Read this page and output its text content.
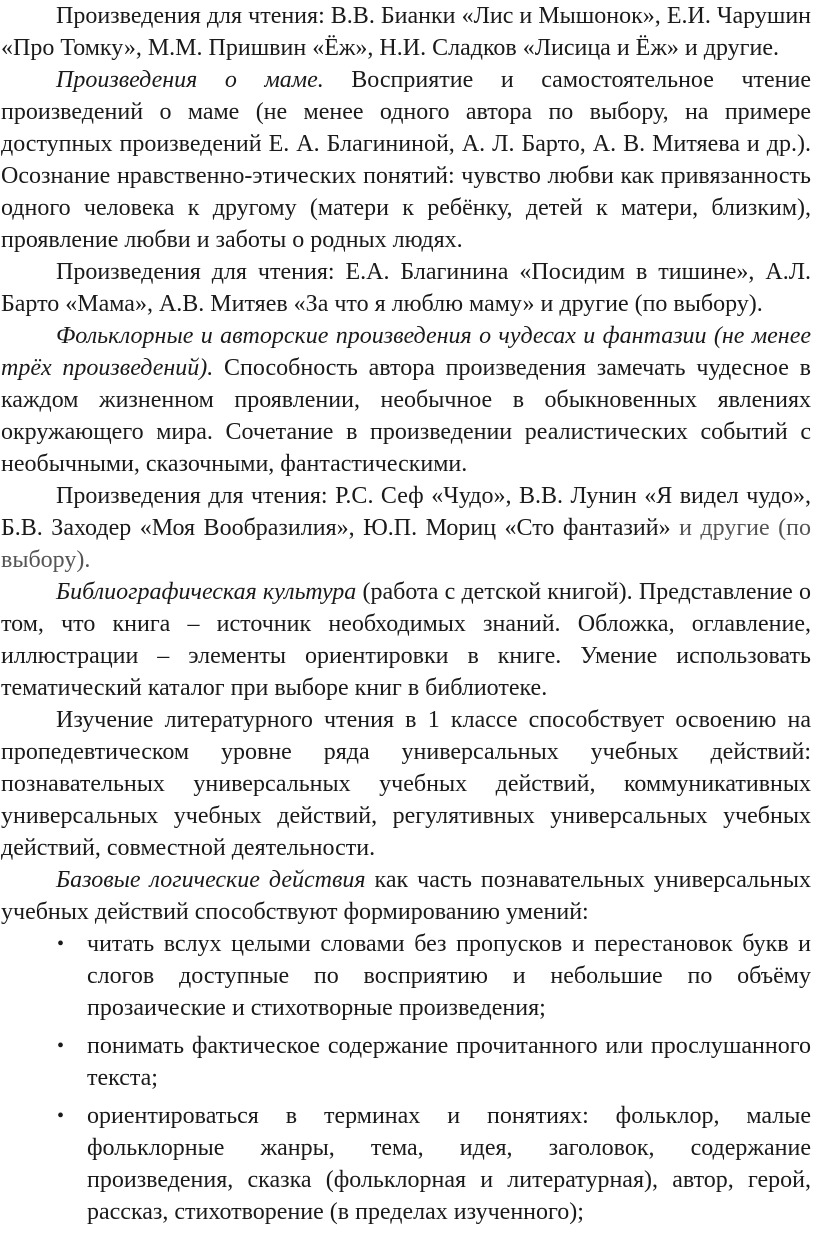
Произведения для чтения: В.В. Бианки «Лис и Мышонок», Е.И. Чарушин «Про Томку», М.М. Пришвин «Ёж», Н.И. Сладков «Лисица и Ёж» и другие.

Произведения о маме. Восприятие и самостоятельное чтение произведений о маме (не менее одного автора по выбору, на примере доступных произведений Е. А. Благининой, А. Л. Барто, А. В. Митяева и др.). Осознание нравственно-этических понятий: чувство любви как привязанность одного человека к другому (матери к ребёнку, детей к матери, близким), проявление любви и заботы о родных людях.

Произведения для чтения: Е.А. Благинина «Посидим в тишине», А.Л. Барто «Мама», А.В. Митяев «За что я люблю маму» и другие (по выбору).

Фольклорные и авторские произведения о чудесах и фантазии (не менее трёх произведений). Способность автора произведения замечать чудесное в каждом жизненном проявлении, необычное в обыкновенных явлениях окружающего мира. Сочетание в произведении реалистических событий с необычными, сказочными, фантастическими.

Произведения для чтения: Р.С. Сеф «Чудо», В.В. Лунин «Я видел чудо», Б.В. Заходер «Моя Вообразилия», Ю.П. Мориц «Сто фантазий» и другие (по выбору).

Библиографическая культура (работа с детской книгой). Представление о том, что книга – источник необходимых знаний. Обложка, оглавление, иллюстрации – элементы ориентировки в книге. Умение использовать тематический каталог при выборе книг в библиотеке.

Изучение литературного чтения в 1 классе способствует освоению на пропедевтическом уровне ряда универсальных учебных действий: познавательных универсальных учебных действий, коммуникативных универсальных учебных действий, регулятивных универсальных учебных действий, совместной деятельности.

Базовые логические действия как часть познавательных универсальных учебных действий способствуют формированию умений:

• читать вслух целыми словами без пропусков и перестановок букв и слогов доступные по восприятию и небольшие по объёму прозаические и стихотворные произведения;
• понимать фактическое содержание прочитанного или прослушанного текста;
• ориентироваться в терминах и понятиях: фольклор, малые фольклорные жанры, тема, идея, заголовок, содержание произведения, сказка (фольклорная и литературная), автор, герой, рассказ, стихотворение (в пределах изученного);
